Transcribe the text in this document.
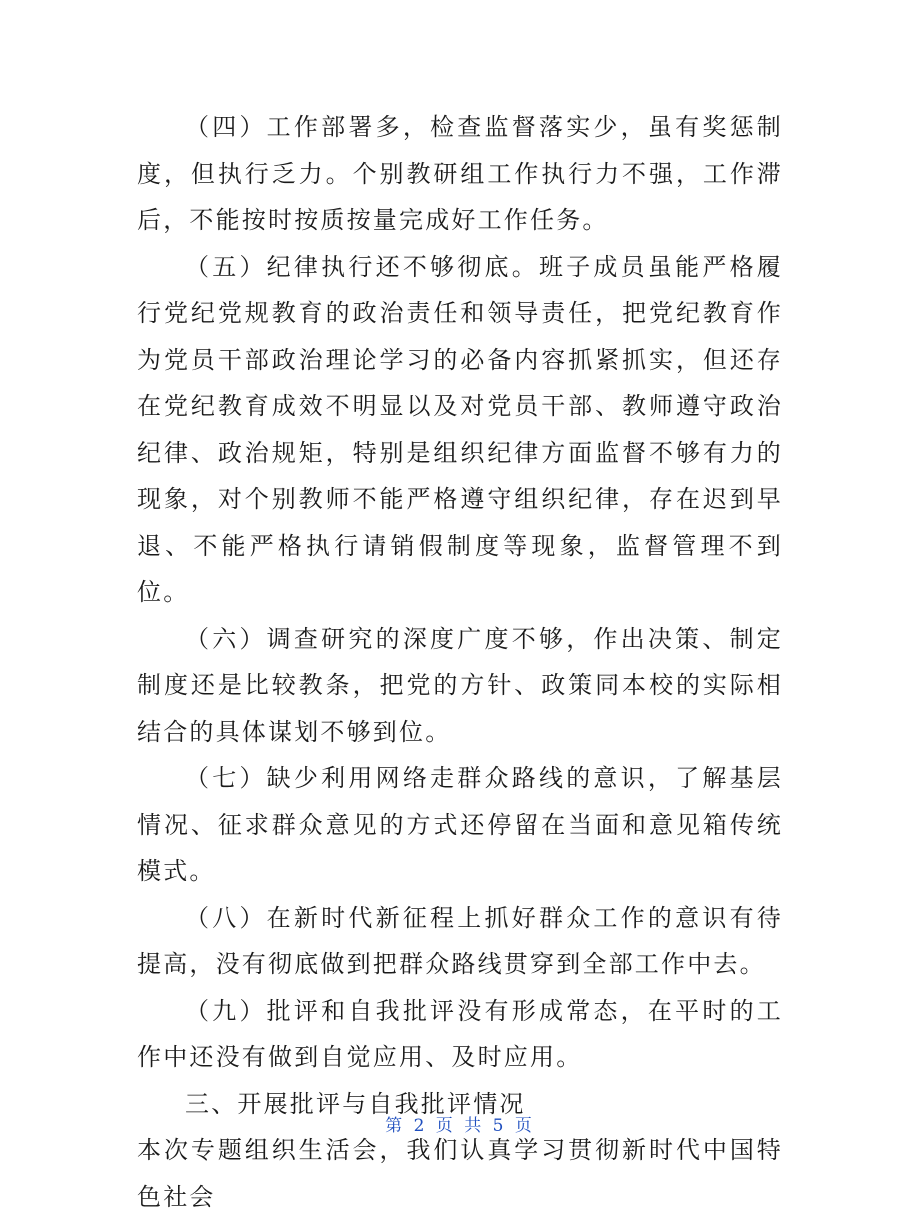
（四）工作部署多，检查监督落实少，虽有奖惩制度，但执行乏力。个别教研组工作执行力不强，工作滞后，不能按时按质按量完成好工作任务。

（五）纪律执行还不够彻底。班子成员虽能严格履行党纪党规教育的政治责任和领导责任，把党纪教育作为党员干部政治理论学习的必备内容抓紧抓实，但还存在党纪教育成效不明显以及对党员干部、教师遵守政治纪律、政治规矩，特别是组织纪律方面监督不够有力的现象，对个别教师不能严格遵守组织纪律，存在迟到早退、不能严格执行请销假制度等现象，监督管理不到位。

（六）调查研究的深度广度不够，作出决策、制定制度还是比较教条，把党的方针、政策同本校的实际相结合的具体谋划不够到位。

（七）缺少利用网络走群众路线的意识，了解基层情况、征求群众意见的方式还停留在当面和意见箱传统模式。

（八）在新时代新征程上抓好群众工作的意识有待提高，没有彻底做到把群众路线贯穿到全部工作中去。

（九）批评和自我批评没有形成常态，在平时的工作中还没有做到自觉应用、及时应用。

三、开展批评与自我批评情况

本次专题组织生活会，我们认真学习贯彻新时代中国特色社会

第 2 页 共 5 页
